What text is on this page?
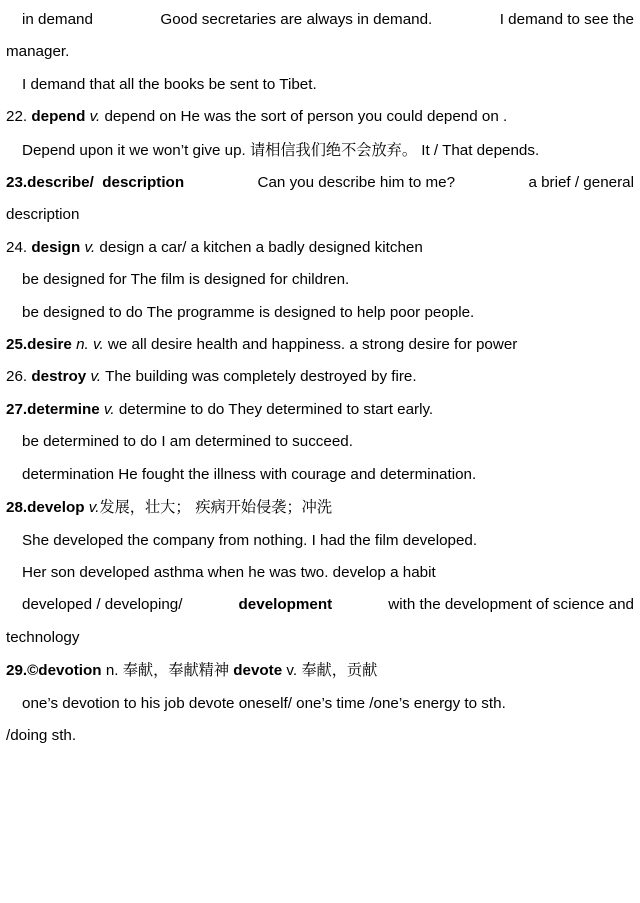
in demand	Good secretaries are always in demand.	I demand to see the
manager.
I demand that all the books be sent to Tibet.
22. depend v. depend on He was the sort of person you could depend on .
Depend upon it we won’t give up. 请相信我们绝不会放弃。 It / That depends.
23.describe/  description	Can you describe him to me?	a brief / general
description
24. design v. design a car/ a kitchen a badly designed kitchen
be designed for The film is designed for children.
be designed to do The programme is designed to help poor people.
25.desire n. v. we all desire health and happiness. a strong desire for power
26. destroy v. The building was completely destroyed by fire.
27.determine v. determine to do They determined to start early.
be determined to do I am determined to succeed.
determination He fought the illness with courage and determination.
28.develop v.发展，壮大； 疾病开始侵袭；冲洗
She developed the company from nothing. I had the film developed.
Her son developed asthma when he was two. develop a habit
developed / developing/	development	with the development of science and
technology
29.©devotion n. 奉献，奉献精神 devote v. 奉献，贡献
one’s devotion to his job devote oneself/ one’s time /one’s energy to sth.
/doing sth.
